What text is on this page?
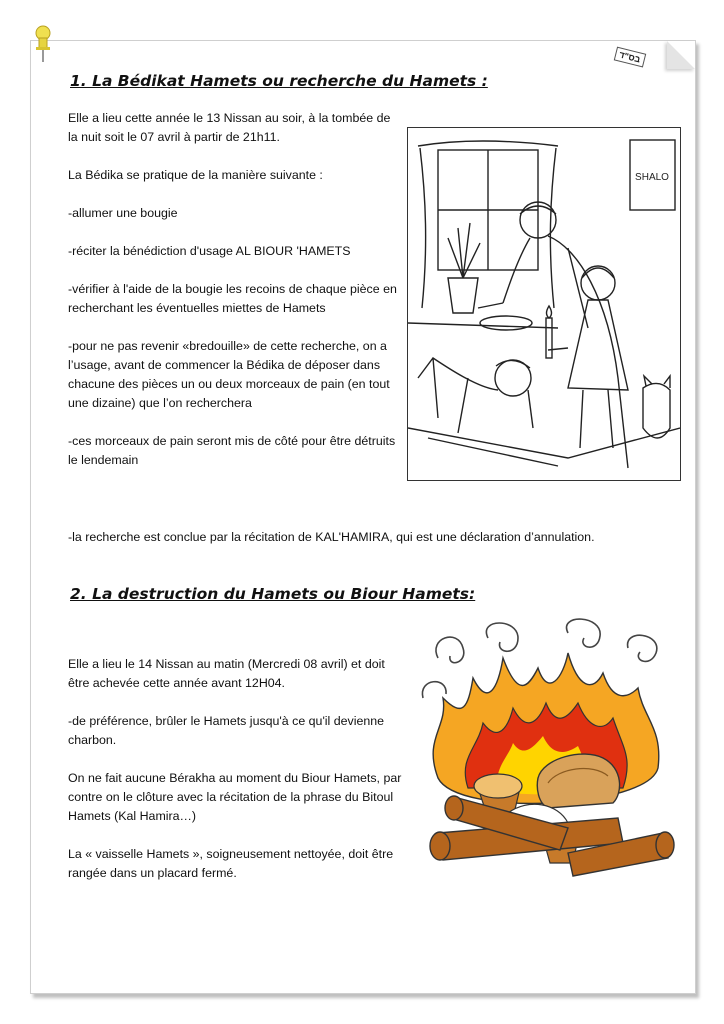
בס"ד
1. La Bédikat Hamets ou recherche du Hamets :

Elle a lieu cette année le 13 Nissan au soir, à la tombée de la nuit soit le 07 avril à partir de 21h11.

La Bédika se pratique de la manière suivante :

-allumer une bougie

-réciter la bénédiction d'usage AL BIOUR 'HAMETS

-vérifier à l'aide de la bougie les recoins de chaque pièce en recherchant les éventuelles miettes de Hamets

-pour ne pas revenir «bredouille» de cette recherche, on a l’usage, avant de commencer la Bédika de déposer dans chacune des pièces un ou deux morceaux de pain (en tout une dizaine) que l’on recherchera

-ces morceaux de pain seront mis de côté pour être détruits le lendemain

-la recherche est conclue par la récitation de KAL'HAMIRA, qui est une déclaration d’annulation.

SHALO
2. La destruction du Hamets ou Biour Hamets:

Elle a lieu le 14 Nissan au matin (Mercredi 08 avril) et doit être achevée cette année avant 12H04.

-de préférence, brûler le Hamets jusqu'à ce qu'il devienne charbon.

On ne fait aucune Bérakha au moment du Biour Hamets, par contre on le clôture avec la récitation de la phrase du Bitoul Hamets (Kal Hamira…)

La « vaisselle Hamets », soigneusement nettoyée, doit être rangée dans un placard fermé.
